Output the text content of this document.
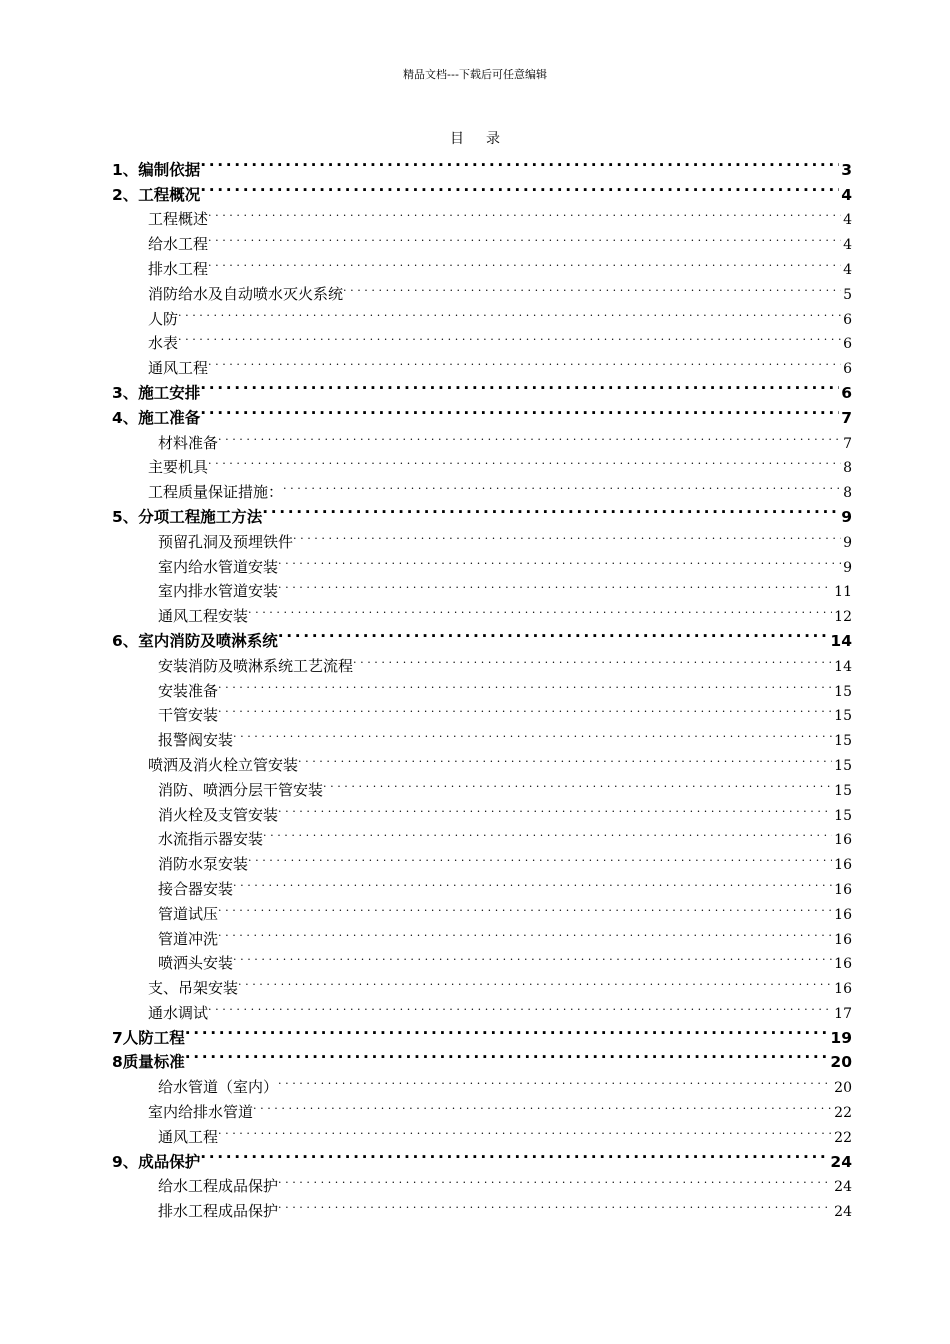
精品文档---下载后可任意编辑
目录
1、编制依据 .....	3
2、工程概况 .....	4
工程概述 .....	4
给水工程 .....	4
排水工程 .....	4
消防给水及自动喷水灭火系统 .....	5
人防 .....	6
水表 .....	6
通风工程 .....	6
3、施工安排 .....	6
4、施工准备 .....	7
材料准备 .....	7
主要机具 .....	8
工程质量保证措施： .....	8
5、分项工程施工方法 .....	9
预留孔洞及预埋铁件 .....	9
室内给水管道安装 .....	9
室内排水管道安装 .....	11
通风工程安装 .....	12
6、室内消防及喷淋系统 .....	14
安装消防及喷淋系统工艺流程 .....	14
安装准备 .....	15
干管安装 .....	15
报警阀安装 .....	15
喷洒及消火栓立管安装 .....	15
消防、喷洒分层干管安装 .....	15
消火栓及支管安装 .....	15
水流指示器安装 .....	16
消防水泵安装 .....	16
接合器安装 .....	16
管道试压 .....	16
管道冲洗 .....	16
喷洒头安装 .....	16
支、吊架安装 .....	16
通水调试 .....	17
7人防工程 .....	19
8质量标准 .....	20
给水管道（室内） .....	20
室内给排水管道 .....	22
通风工程 .....	22
9、成品保护 .....	24
给水工程成品保护 .....	24
排水工程成品保护 .....	24
